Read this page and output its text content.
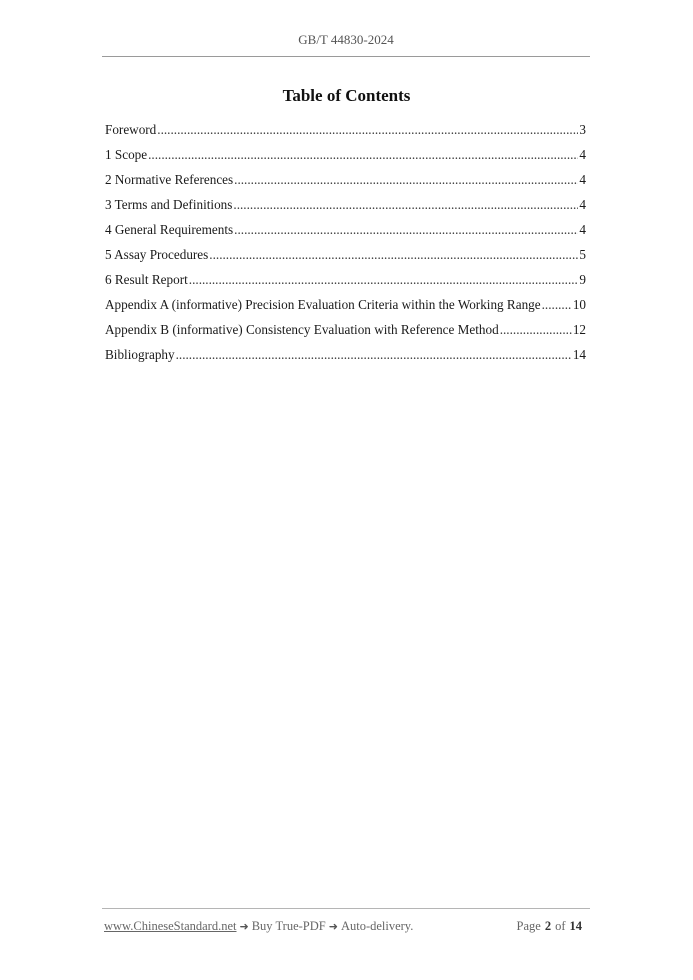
GB/T 44830-2024
Table of Contents
Foreword .....	3
1 Scope .....	4
2 Normative References .....	4
3 Terms and Definitions .....	4
4 General Requirements .....	4
5 Assay Procedures .....	5
6 Result Report .....	9
Appendix A (informative) Precision Evaluation Criteria within the Working Range ..... 10
Appendix B (informative) Consistency Evaluation with Reference Method .....	12
Bibliography .....	14
www.ChineseStandard.net ➜ Buy True-PDF ➜ Auto-delivery.	Page 2 of 14
